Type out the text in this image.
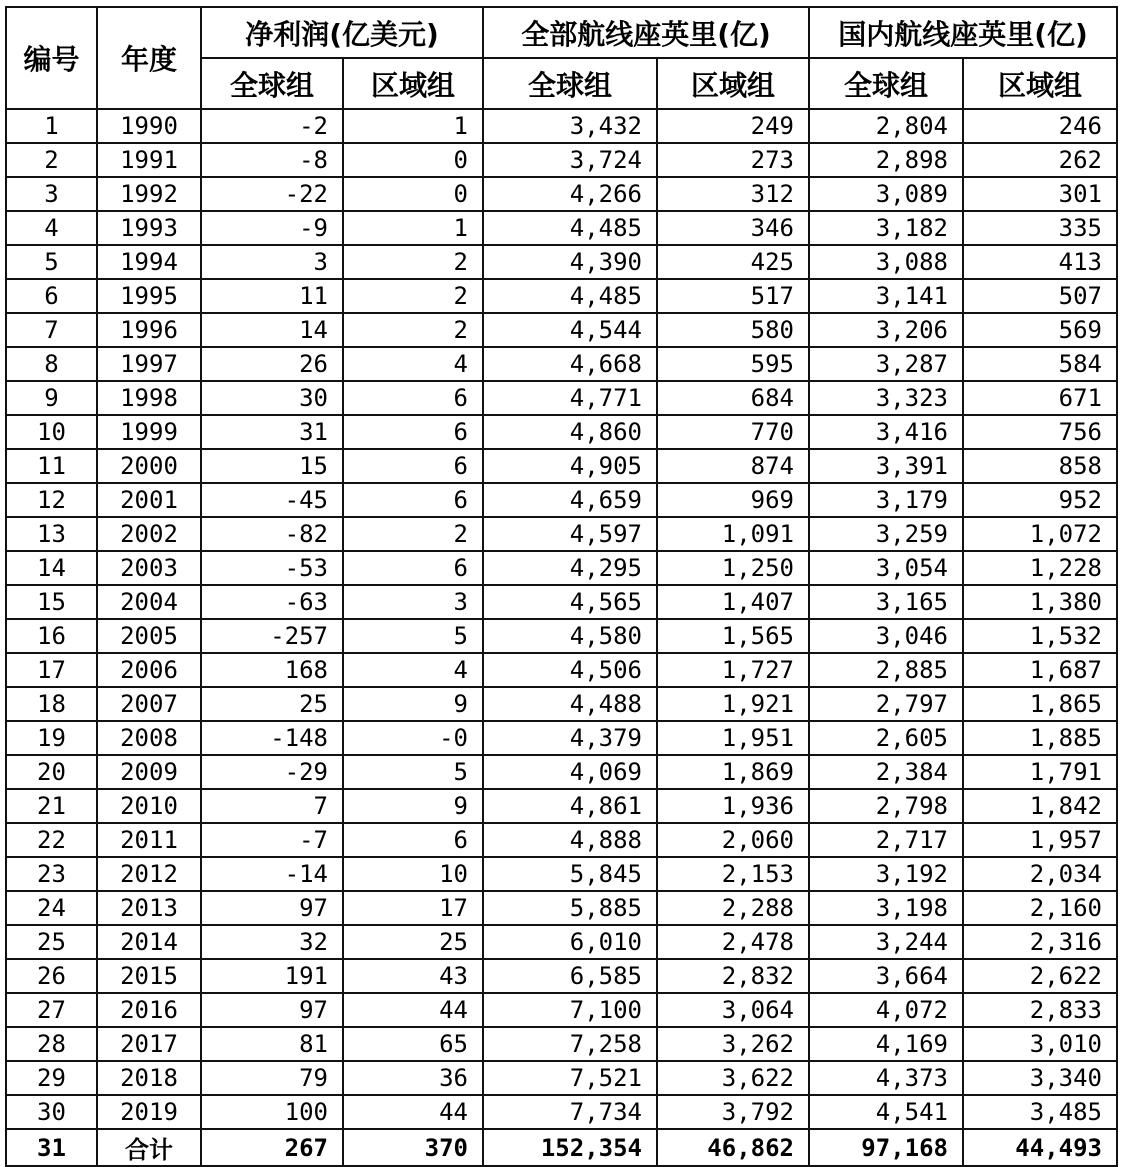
编号	年度	净利润(亿美元)		全部航线座英里(亿)		国内航线座英里(亿)	
		全球组	区域组	全球组	区域组	全球组	区域组
1	1990	-2	1	3,432	249	2,804	246
2	1991	-8	0	3,724	273	2,898	262
3	1992	-22	0	4,266	312	3,089	301
4	1993	-9	1	4,485	346	3,182	335
5	1994	3	2	4,390	425	3,088	413
6	1995	11	2	4,485	517	3,141	507
7	1996	14	2	4,544	580	3,206	569
8	1997	26	4	4,668	595	3,287	584
9	1998	30	6	4,771	684	3,323	671
10	1999	31	6	4,860	770	3,416	756
11	2000	15	6	4,905	874	3,391	858
12	2001	-45	6	4,659	969	3,179	952
13	2002	-82	2	4,597	1,091	3,259	1,072
14	2003	-53	6	4,295	1,250	3,054	1,228
15	2004	-63	3	4,565	1,407	3,165	1,380
16	2005	-257	5	4,580	1,565	3,046	1,532
17	2006	168	4	4,506	1,727	2,885	1,687
18	2007	25	9	4,488	1,921	2,797	1,865
19	2008	-148	-0	4,379	1,951	2,605	1,885
20	2009	-29	5	4,069	1,869	2,384	1,791
21	2010	7	9	4,861	1,936	2,798	1,842
22	2011	-7	6	4,888	2,060	2,717	1,957
23	2012	-14	10	5,845	2,153	3,192	2,034
24	2013	97	17	5,885	2,288	3,198	2,160
25	2014	32	25	6,010	2,478	3,244	2,316
26	2015	191	43	6,585	2,832	3,664	2,622
27	2016	97	44	7,100	3,064	4,072	2,833
28	2017	81	65	7,258	3,262	4,169	3,010
29	2018	79	36	7,521	3,622	4,373	3,340
30	2019	100	44	7,734	3,792	4,541	3,485
31	合计	267	370	152,354	46,862	97,168	44,493
